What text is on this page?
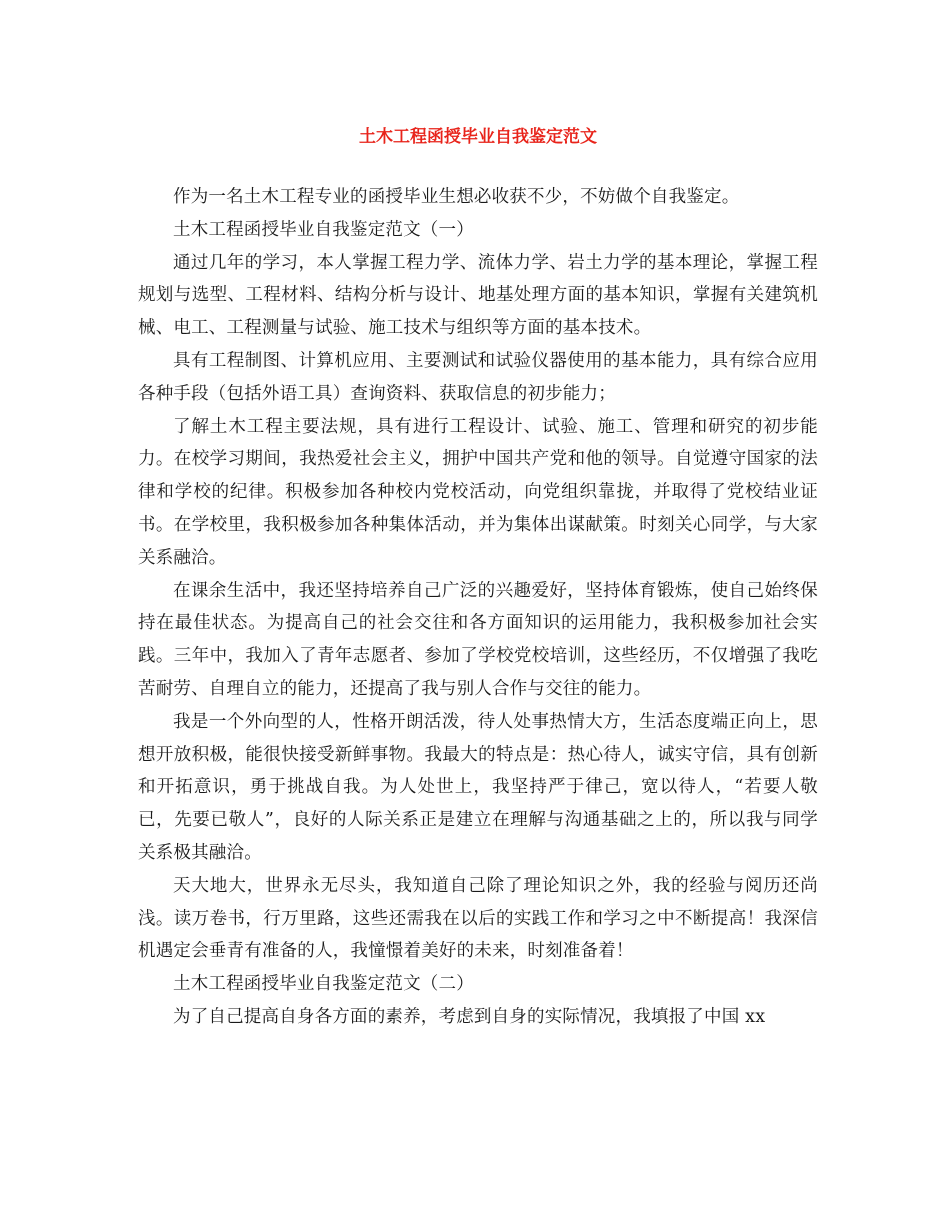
土木工程函授毕业自我鉴定范文

作为一名土木工程专业的函授毕业生想必收获不少，不妨做个自我鉴定。

土木工程函授毕业自我鉴定范文（一）

通过几年的学习，本人掌握工程力学、流体力学、岩土力学的基本理论，掌握工程规划与选型、工程材料、结构分析与设计、地基处理方面的基本知识，掌握有关建筑机械、电工、工程测量与试验、施工技术与组织等方面的基本技术。

具有工程制图、计算机应用、主要测试和试验仪器使用的基本能力，具有综合应用各种手段（包括外语工具）查询资料、获取信息的初步能力；

了解土木工程主要法规，具有进行工程设计、试验、施工、管理和研究的初步能力。在校学习期间，我热爱社会主义，拥护中国共产党和他的领导。自觉遵守国家的法律和学校的纪律。积极参加各种校内党校活动，向党组织靠拢，并取得了党校结业证书。在学校里，我积极参加各种集体活动，并为集体出谋献策。时刻关心同学，与大家关系融洽。

在课余生活中，我还坚持培养自己广泛的兴趣爱好，坚持体育锻炼，使自己始终保持在最佳状态。为提高自己的社会交往和各方面知识的运用能力，我积极参加社会实践。三年中，我加入了青年志愿者、参加了学校党校培训，这些经历，不仅增强了我吃苦耐劳、自理自立的能力，还提高了我与别人合作与交往的能力。

我是一个外向型的人，性格开朗活泼，待人处事热情大方，生活态度端正向上，思想开放积极，能很快接受新鲜事物。我最大的特点是：热心待人，诚实守信，具有创新和开拓意识，勇于挑战自我。为人处世上，我坚持严于律己，宽以待人，“若要人敬已，先要已敬人”，良好的人际关系正是建立在理解与沟通基础之上的，所以我与同学关系极其融洽。

天大地大，世界永无尽头，我知道自己除了理论知识之外，我的经验与阅历还尚浅。读万卷书，行万里路，这些还需我在以后的实践工作和学习之中不断提高！我深信机遇定会垂青有准备的人，我憧憬着美好的未来，时刻准备着！

土木工程函授毕业自我鉴定范文（二）

为了自己提高自身各方面的素养，考虑到自身的实际情况，我填报了中国 xx
